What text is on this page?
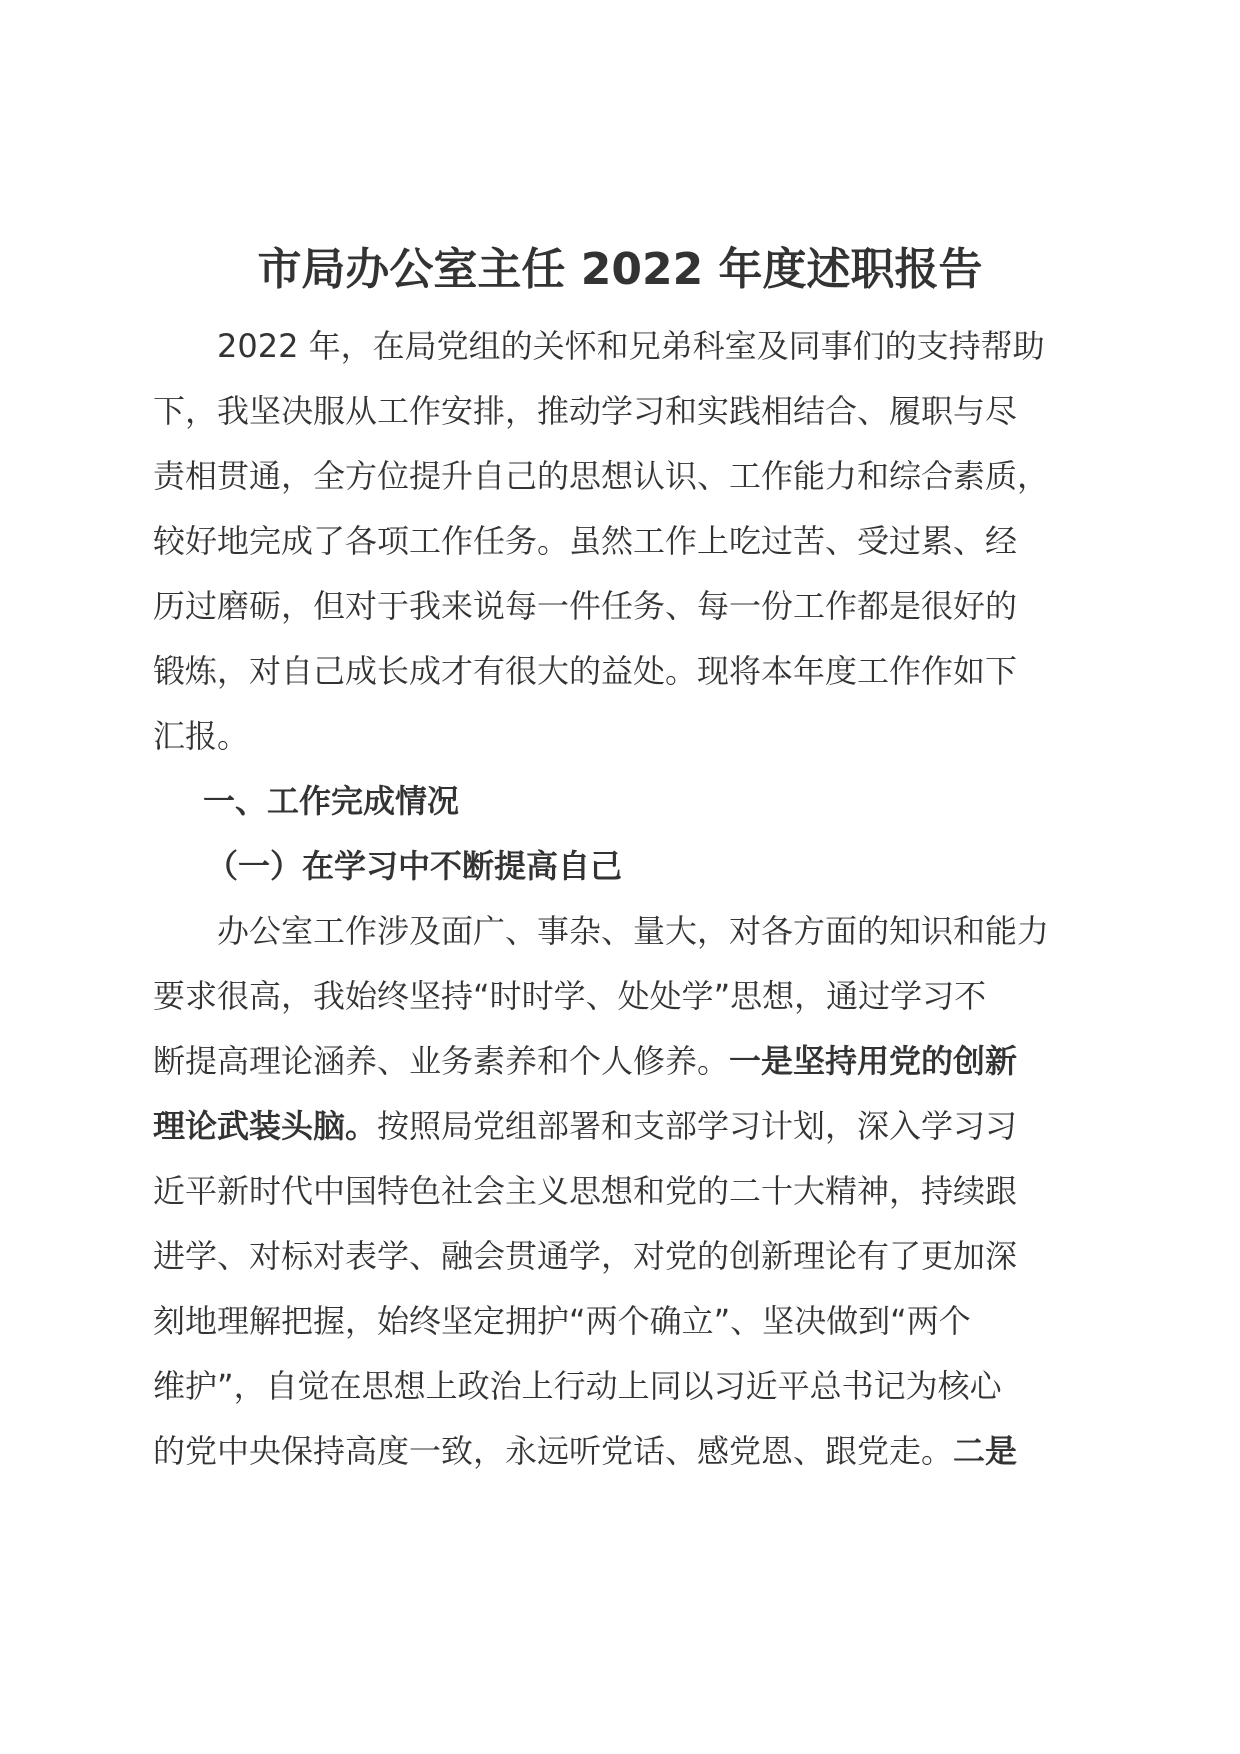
市局办公室主任 2022 年度述职报告
2022 年，在局党组的关怀和兄弟科室及同事们的支持帮助
下，我坚决服从工作安排，推动学习和实践相结合、履职与尽
责相贯通，全方位提升自己的思想认识、工作能力和综合素质，
较好地完成了各项工作任务。虽然工作上吃过苦、受过累、经
历过磨砺，但对于我来说每一件任务、每一份工作都是很好的
锻炼，对自己成长成才有很大的益处。现将本年度工作作如下
汇报。
一、工作完成情况
（一）在学习中不断提高自己
办公室工作涉及面广、事杂、量大，对各方面的知识和能力
要求很高，我始终坚持“时时学、处处学”思想，通过学习不
断提高理论涵养、业务素养和个人修养。一是坚持用党的创新
理论武装头脑。按照局党组部署和支部学习计划，深入学习习
近平新时代中国特色社会主义思想和党的二十大精神，持续跟
进学、对标对表学、融会贯通学，对党的创新理论有了更加深
刻地理解把握，始终坚定拥护“两个确立”、坚决做到“两个
维护”，自觉在思想上政治上行动上同以习近平总书记为核心
的党中央保持高度一致，永远听党话、感党恩、跟党走。二是
